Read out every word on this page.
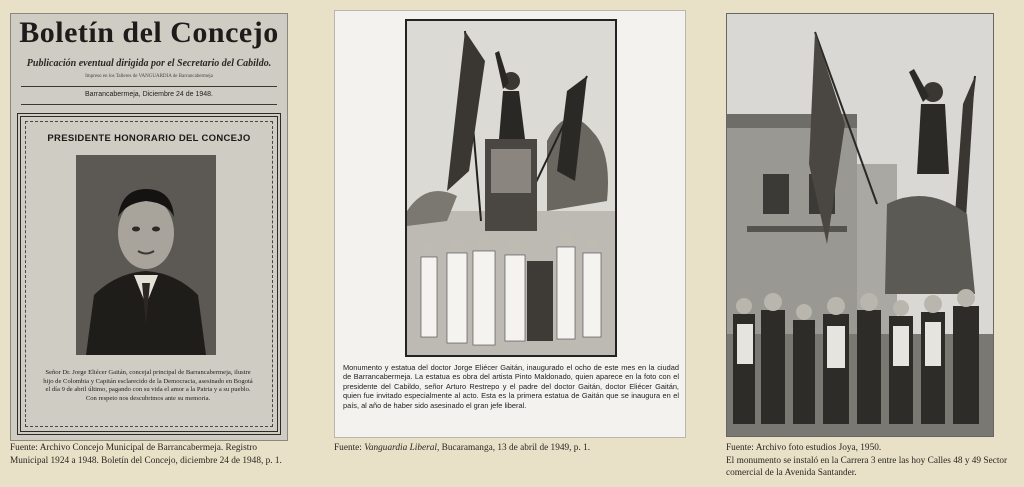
Boletín del Concejo
Publicación eventual dirigida por el Secretario del Cabildo.
Impreso en los Talleres de VANGUARDIA de Barrancabermeja
Barrancabermeja, Diciembre 24 de 1948.
PRESIDENTE HONORARIO DEL CONCEJO
Señor Dr. Jorge Eliécer Gaitán, concejal principal de Barrancabermeja, ilustre hijo de Colombia y Capitán esclarecido de la Democracia, asesinado en Bogotá el día 9 de abril último, pagando con su vida el amor a la Patria y a su pueblo. Con respeto nos descubrimos ante su memoria.
Fuente: Archivo Concejo Municipal de Barrancabermeja. Registro Municipal 1924 a 1948. Boletín del Concejo, diciembre 24 de 1948, p. 1.
Monumento y estatua del doctor Jorge Eliécer Gaitán, inaugurado el ocho de este mes en la ciudad de Barrancabermeja. La estatua es obra del artista Pinto Maldonado, quien aparece en la foto con el presidente del Cabildo, señor Arturo Restrepo y el padre del doctor Gaitán, doctor Eliécer Gaitán, quien fue invitado especialmente al acto. Esta es la primera estatua de Gaitán que se inaugura en el país, al año de haber sido asesinado el gran jefe liberal.
Fuente: Vanguardia Liberal, Bucaramanga, 13 de abril de 1949, p. 1.	Fuente: Archivo foto estudios Joya, 1950.
El monumento se instaló en la Carrera 3 entre las hoy Calles 48 y 49 Sector comercial de la Avenida Santander.
